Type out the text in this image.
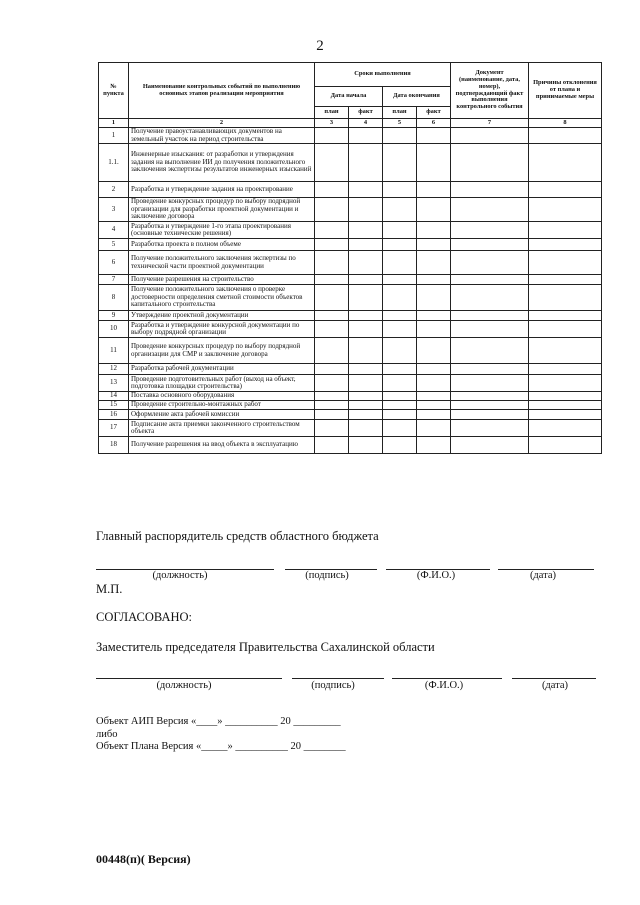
2
№ пункта	Наименование контрольных событий по выполнению основных этапов реализации мероприятия	Сроки выполнения				Документ (наименование, дата, номер), подтверждающий факт выполнения контрольного события	Причины отклонения от плана и принимаемые меры
		Дата начала		Дата окончания			
		план	факт	план	факт		
1	2	3	4	5	6	7	8
1	Получение правоустанавливающих документов на земельный участок на период строительства						
1.1.	Инженерные изыскания: от разработки и утверждения задания на выполнение ИИ до получения положительного заключения экспертизы результатов инженерных изысканий						
2	Разработка и утверждение задания на проектирование						
3	Проведение конкурсных процедур по выбору подрядной организации для разработки проектной документации и заключение договора						
4	Разработка и утверждение 1-го этапа проектирования (основные технические решения)						
5	Разработка проекта в полном объеме						
6	Получение положительного заключения экспертизы по технической части проектной документации						
7	Получение разрешения на строительство						
8	Получение положительного заключения о проверке достоверности определения сметной стоимости объектов капитального строительства						
9	Утверждение проектной документации						
10	Разработка и утверждение конкурсной документации по выбору подрядной организации						
11	Проведение конкурсных процедур по выбору подрядной организации для СМР и заключение договора						
12	Разработка рабочей документации						
13	Проведение подготовительных работ (выход на объект, подготовка площадки строительства)						
14	Поставка основного оборудования						
15	Проведение строительно-монтажных работ						
16	Оформление акта рабочей комиссии						
17	Подписание акта приемки законченного строительством объекта						
18	Получение разрешения на ввод объекта в эксплуатацию						
Главный распорядитель средств областного бюджета
(должность)	(подпись)	(Ф.И.О.)	(дата)
М.П.
СОГЛАСОВАНО:
Заместитель председателя Правительства Сахалинской области
(должность)	(подпись)	(Ф.И.О.)	(дата)
Объект АИП Версия «____» __________ 20 _________
либо
Объект Плана Версия «_____» __________ 20 ________
00448(п)( Версия)
